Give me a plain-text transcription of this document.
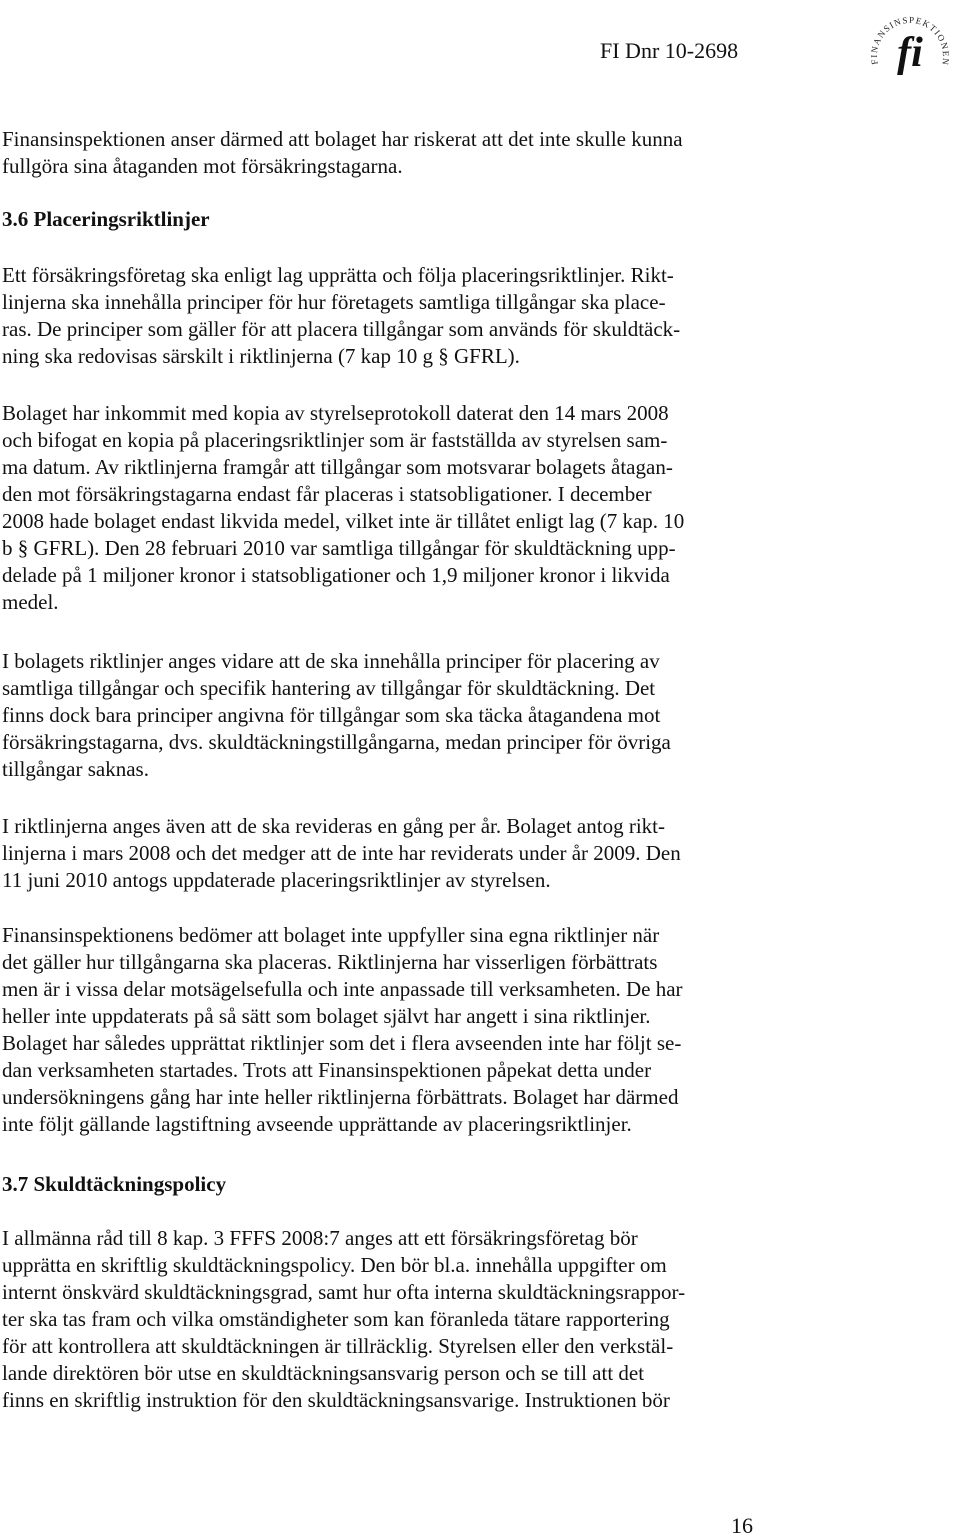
FI Dnr 10-2698	FINANSINSPEKTIONEN
fi

Finansinspektionen anser därmed att bolaget har riskerat att det inte skulle kunna

fullgöra sina åtaganden mot försäkringstagarna.

3.6 Placeringsriktlinjer

Ett försäkringsföretag ska enligt lag upprätta och följa placeringsriktlinjer. Rikt-

linjerna ska innehålla principer för hur företagets samtliga tillgångar ska place-

ras. De principer som gäller för att placera tillgångar som används för skuldtäck-

ning ska redovisas särskilt i riktlinjerna (7 kap 10 g § GFRL).

Bolaget har inkommit med kopia av styrelseprotokoll daterat den 14 mars 2008

och bifogat en kopia på placeringsriktlinjer som är fastställda av styrelsen sam-

ma datum. Av riktlinjerna framgår att tillgångar som motsvarar bolagets åtagan-

den mot försäkringstagarna endast får placeras i statsobligationer. I december

2008 hade bolaget endast likvida medel, vilket inte är tillåtet enligt lag (7 kap. 10

b § GFRL). Den 28 februari 2010 var samtliga tillgångar för skuldtäckning upp-

delade på 1 miljoner kronor i statsobligationer och 1,9 miljoner kronor i likvida

medel.

I bolagets riktlinjer anges vidare att de ska innehålla principer för placering av

samtliga tillgångar och specifik hantering av tillgångar för skuldtäckning. Det

finns dock bara principer angivna för tillgångar som ska täcka åtagandena mot

försäkringstagarna, dvs. skuldtäckningstillgångarna, medan principer för övriga

tillgångar saknas.

I riktlinjerna anges även att de ska revideras en gång per år. Bolaget antog rikt-

linjerna i mars 2008 och det medger att de inte har reviderats under år 2009. Den

11 juni 2010 antogs uppdaterade placeringsriktlinjer av styrelsen.

Finansinspektionens bedömer att bolaget inte uppfyller sina egna riktlinjer när

det gäller hur tillgångarna ska placeras. Riktlinjerna har visserligen förbättrats

men är i vissa delar motsägelsefulla och inte anpassade till verksamheten. De har

heller inte uppdaterats på så sätt som bolaget självt har angett i sina riktlinjer.

Bolaget har således upprättat riktlinjer som det i flera avseenden inte har följt se-

dan verksamheten startades. Trots att Finansinspektionen påpekat detta under

undersökningens gång har inte heller riktlinjerna förbättrats. Bolaget har därmed

inte följt gällande lagstiftning avseende upprättande av placeringsriktlinjer.

3.7 Skuldtäckningspolicy

I allmänna råd till 8 kap. 3 FFFS 2008:7 anges att ett försäkringsföretag bör

upprätta en skriftlig skuldtäckningspolicy. Den bör bl.a. innehålla uppgifter om

internt önskvärd skuldtäckningsgrad, samt hur ofta interna skuldtäckningsrappor-

ter ska tas fram och vilka omständigheter som kan föranleda tätare rapportering

för att kontrollera att skuldtäckningen är tillräcklig. Styrelsen eller den verkstäl-

lande direktören bör utse en skuldtäckningsansvarig person och se till att det

finns en skriftlig instruktion för den skuldtäckningsansvarige. Instruktionen bör

16
